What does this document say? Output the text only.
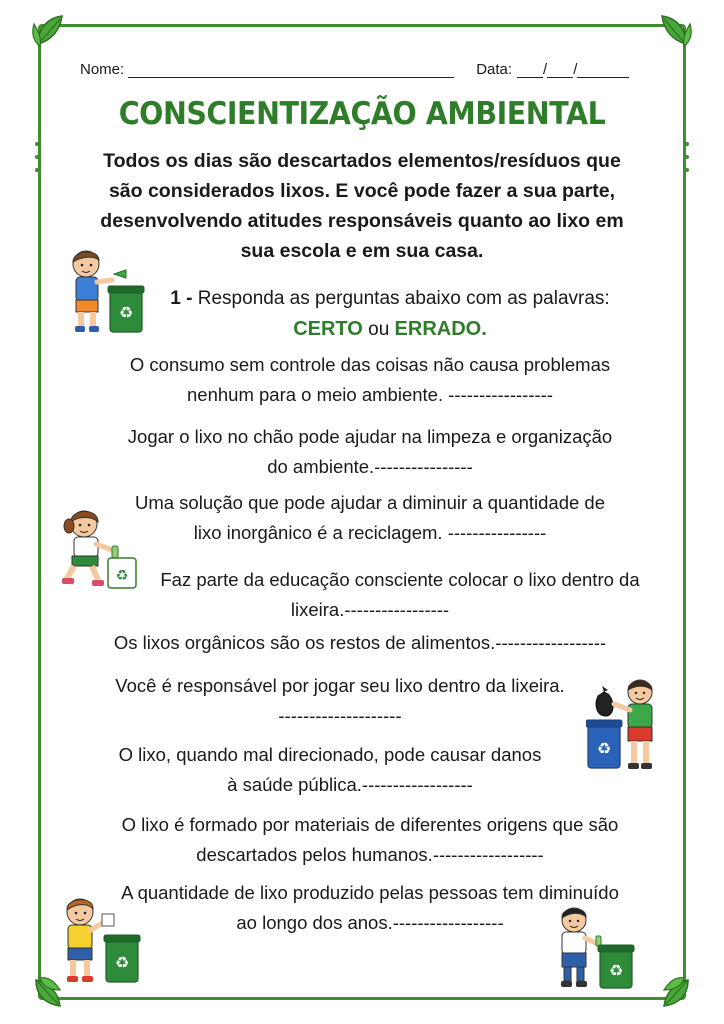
Nome:	Data: / /
CONSCIENTIZAÇÃO AMBIENTAL
Todos os dias são descartados elementos/resíduos que
são considerados lixos. E você pode fazer a sua parte,
desenvolvendo atitudes responsáveis quanto ao lixo em
sua escola e em sua casa.
1 - Responda as perguntas abaixo com as palavras:
CERTO ou ERRADO.
O consumo sem controle das coisas não causa problemas
nenhum para o meio ambiente. -----------------
Jogar o lixo no chão pode ajudar na limpeza e organização
do ambiente.----------------
Uma solução que pode ajudar a diminuir a quantidade de
lixo inorgânico é a reciclagem. ----------------
Faz parte da educação consciente colocar o lixo dentro da
lixeira.-----------------
Os lixos orgânicos são os restos de alimentos.------------------
Você é responsável por jogar seu lixo dentro da lixeira.
--------------------
O lixo, quando mal direcionado, pode causar danos
à saúde pública.------------------
O lixo é formado por materiais de diferentes origens que são
descartados pelos humanos.------------------
A quantidade de lixo produzido pelas pessoas tem diminuído
ao longo dos anos.------------------
♻
♻
♻
♻	♻
